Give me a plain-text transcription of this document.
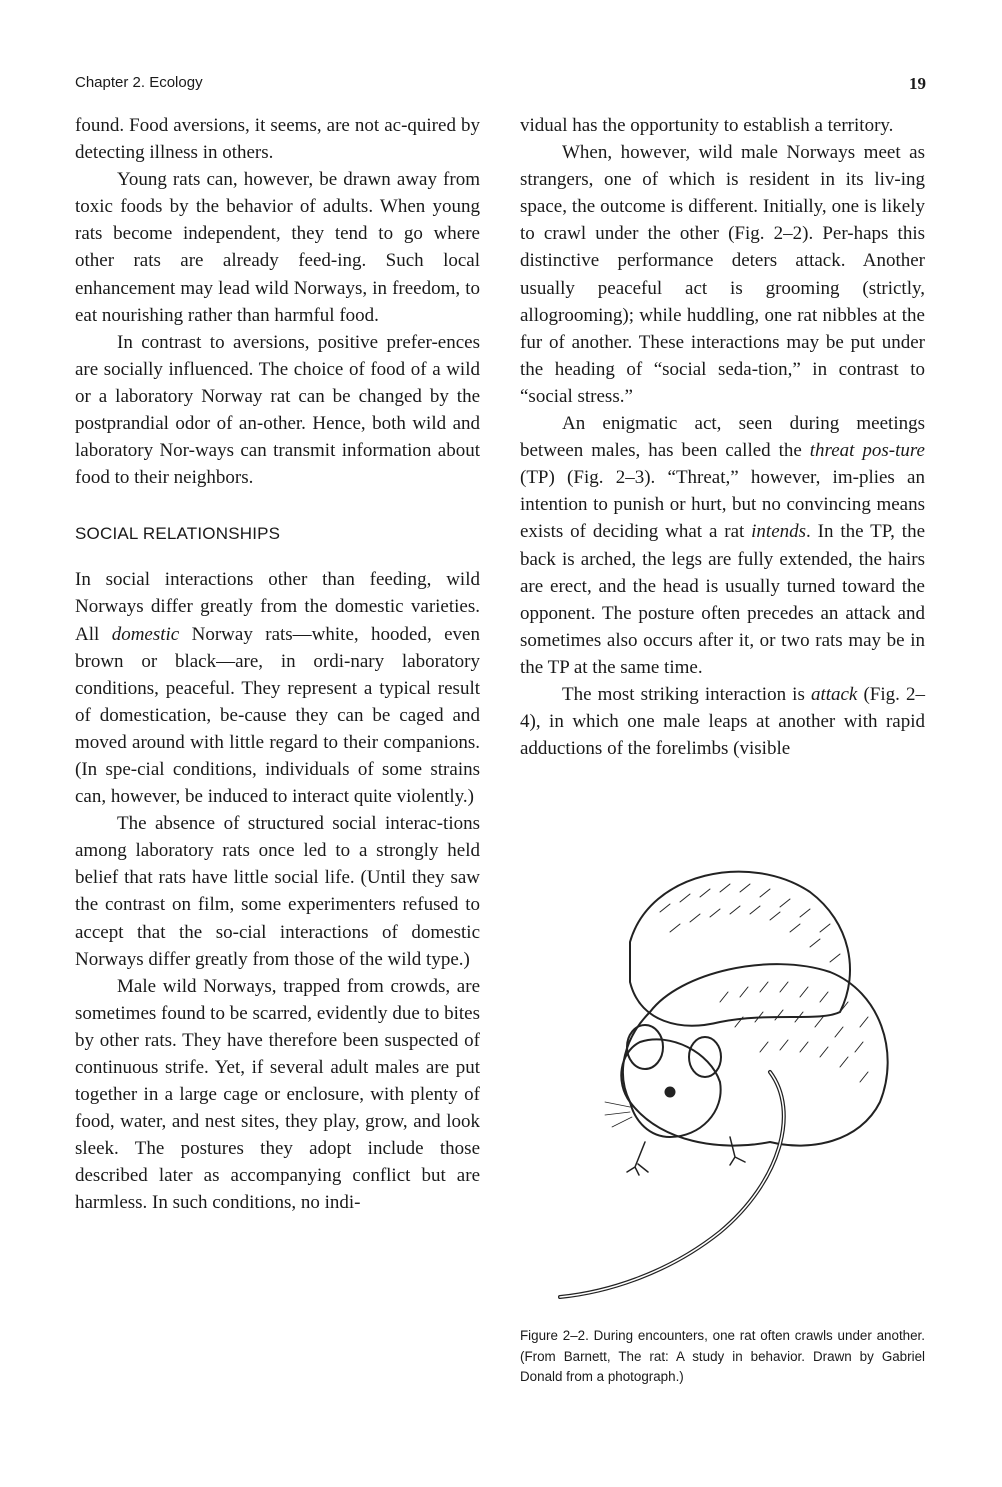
Chapter 2. Ecology	19

found. Food aversions, it seems, are not ac-quired by detecting illness in others.

Young rats can, however, be drawn away from toxic foods by the behavior of adults. When young rats become independent, they tend to go where other rats are already feed-ing. Such local enhancement may lead wild Norways, in freedom, to eat nourishing rather than harmful food.

In contrast to aversions, positive prefer-ences are socially influenced. The choice of food of a wild or a laboratory Norway rat can be changed by the postprandial odor of an-other. Hence, both wild and laboratory Nor-ways can transmit information about food to their neighbors.

SOCIAL RELATIONSHIPS

In social interactions other than feeding, wild Norways differ greatly from the domestic varieties. All domestic Norway rats—white, hooded, even brown or black—are, in ordi-nary laboratory conditions, peaceful. They represent a typical result of domestication, be-cause they can be caged and moved around with little regard to their companions. (In spe-cial conditions, individuals of some strains can, however, be induced to interact quite violently.)

The absence of structured social interac-tions among laboratory rats once led to a strongly held belief that rats have little social life. (Until they saw the contrast on film, some experimenters refused to accept that the so-cial interactions of domestic Norways differ greatly from those of the wild type.)

Male wild Norways, trapped from crowds, are sometimes found to be scarred, evidently due to bites by other rats. They have therefore been suspected of continuous strife. Yet, if several adult males are put together in a large cage or enclosure, with plenty of food, water, and nest sites, they play, grow, and look sleek. The postures they adopt include those described later as accompanying conflict but are harmless. In such conditions, no indi-

vidual has the opportunity to establish a territory.

When, however, wild male Norways meet as strangers, one of which is resident in its liv-ing space, the outcome is different. Initially, one is likely to crawl under the other (Fig. 2–2). Per-haps this distinctive performance deters attack. Another usually peaceful act is grooming (strictly, allogrooming); while huddling, one rat nibbles at the fur of another. These interactions may be put under the heading of “social seda-tion,” in contrast to “social stress.”

An enigmatic act, seen during meetings between males, has been called the threat pos-ture (TP) (Fig. 2–3). “Threat,” however, im-plies an intention to punish or hurt, but no convincing means exists of deciding what a rat intends. In the TP, the back is arched, the legs are fully extended, the hairs are erect, and the head is usually turned toward the opponent. The posture often precedes an attack and sometimes also occurs after it, or two rats may be in the TP at the same time.

The most striking interaction is attack (Fig. 2–4), in which one male leaps at another with rapid adductions of the forelimbs (visible

Figure 2–2. During encounters, one rat often crawls under another. (From Barnett, The rat: A study in behavior. Drawn by Gabriel Donald from a photograph.)
